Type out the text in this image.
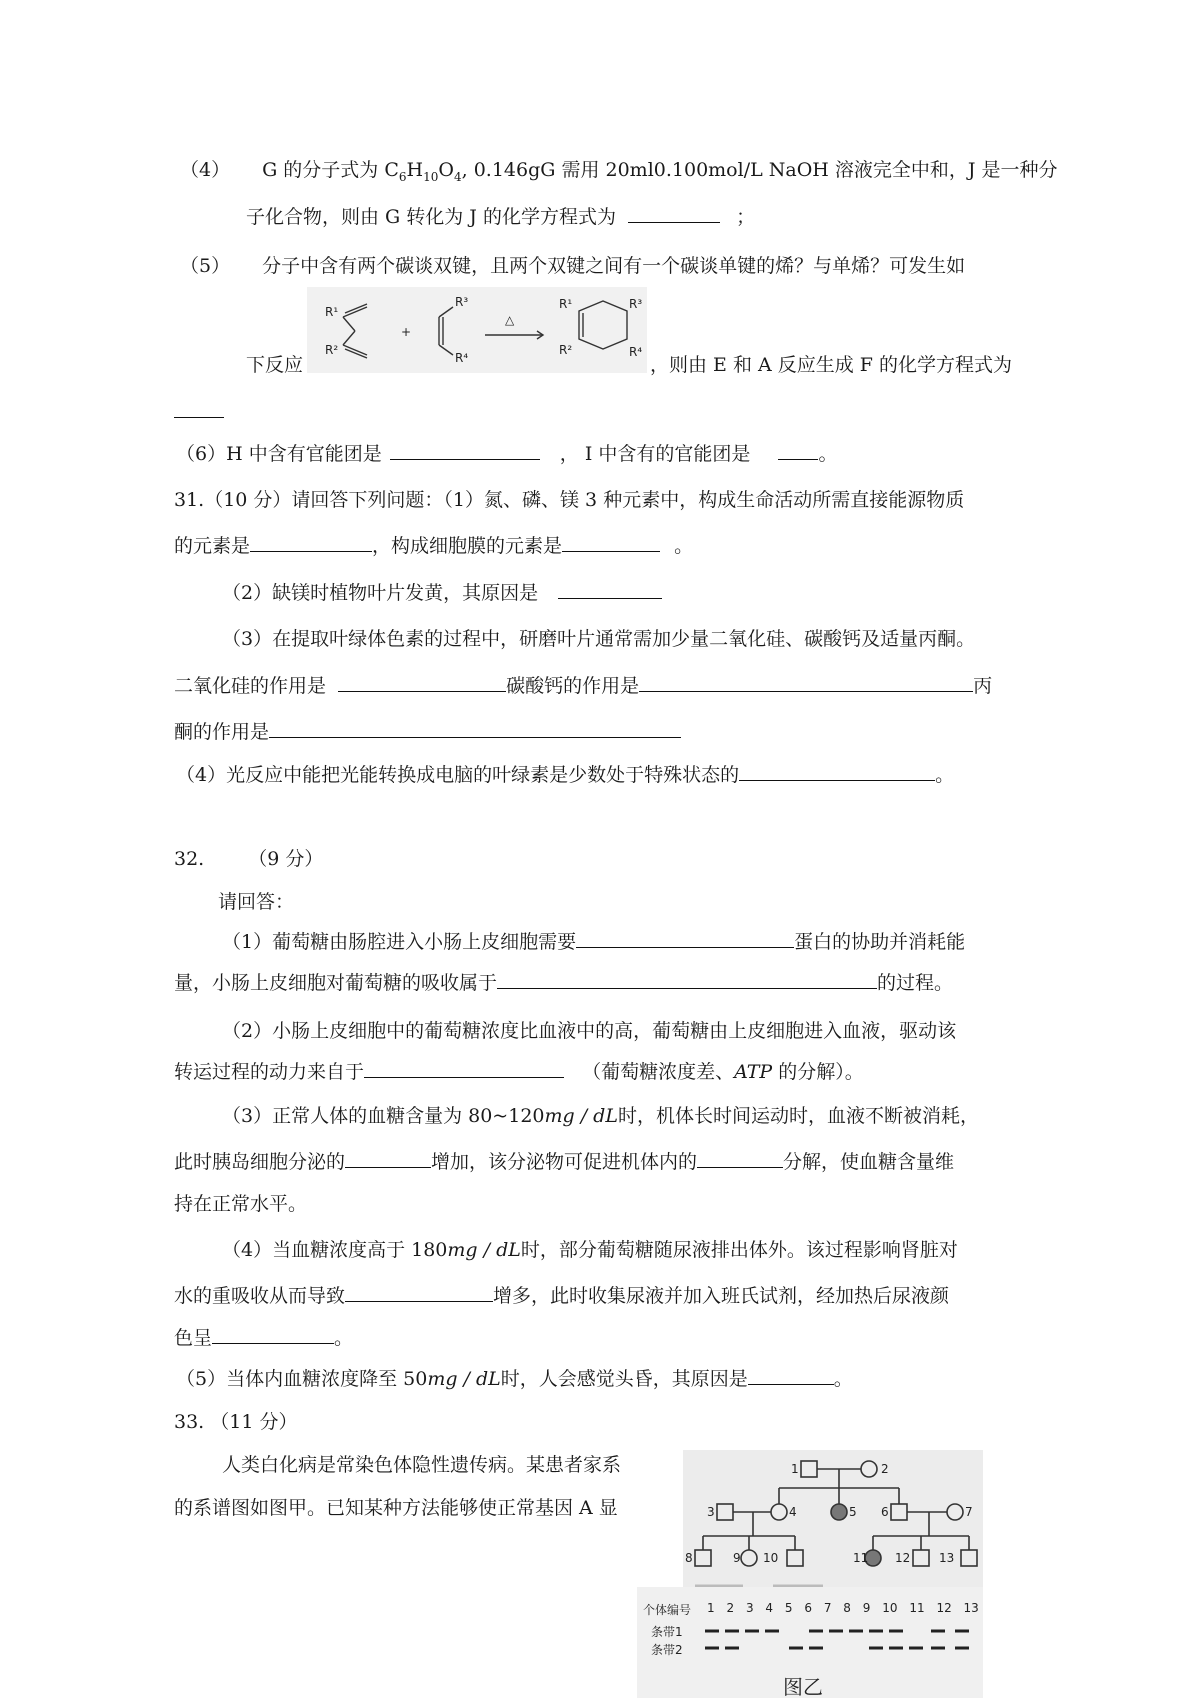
（4） G 的分子式为 $C_6H_{10}O_4$, 0.146gG 需用 20ml0.100mol/L NaOH 溶液完全中和，J 是一种分
子化合物，则由 G 转化为 J 的化学方程式为	；
（5） 分子中含有两个碳谈双键，且两个双键之间有一个碳谈单键的烯？与单烯？可发生如
R¹
R²
+
R³
R⁴
△
R¹
R²
R³
R⁴
下反应	，则由 E 和 A 反应生成 F 的化学方程式为
（6）H 中含有官能团是	， I 中含有的官能团是	。
31.（10 分）请回答下列问题：（1）氮、磷、镁 3 种元素中，构成生命活动所需直接能源物质
的元素是	，构成细胞膜的元素是	。
（2）缺镁时植物叶片发黄，其原因是
（3）在提取叶绿体色素的过程中，研磨叶片通常需加少量二氧化硅、碳酸钙及适量丙酮。
二氧化硅的作用是	碳酸钙的作用是	丙
酮的作用是
（4）光反应中能把光能转换成电脑的叶绿素是少数处于特殊状态的	。
32. （9 分）
请回答：
（1）葡萄糖由肠腔进入小肠上皮细胞需要	蛋白的协助并消耗能
量，小肠上皮细胞对葡萄糖的吸收属于	的过程。
（2）小肠上皮细胞中的葡萄糖浓度比血液中的高，葡萄糖由上皮细胞进入血液，驱动该
转运过程的动力来自于	（葡萄糖浓度差、ATP 的分解）。
（3）正常人体的血糖含量为 80~120mg / dL时，机体长时间运动时，血液不断被消耗，
此时胰岛细胞分泌的	增加，该分泌物可促进机体内的	分解，使血糖含量维
持在正常水平。
（4）当血糖浓度高于 180mg / dL时，部分葡萄糖随尿液排出体外。该过程影响肾脏对
水的重吸收从而导致	增多，此时收集尿液并加入班氏试剂，经加热后尿液颜
色呈	。
（5）当体内血糖浓度降至 50mg / dL时，人会感觉头昏，其原因是	。
33. （11 分）
人类白化病是常染色体隐性遗传病。某患者家系
的系谱图如图甲。已知某种方法能够使正常基因 A 显
1	2
3	4	5 6	7
8	9 10	11 12 13
个体编号 1 2 3 4 5 6 7 8 9 10 11 12 13
条带1
条带2
图乙
